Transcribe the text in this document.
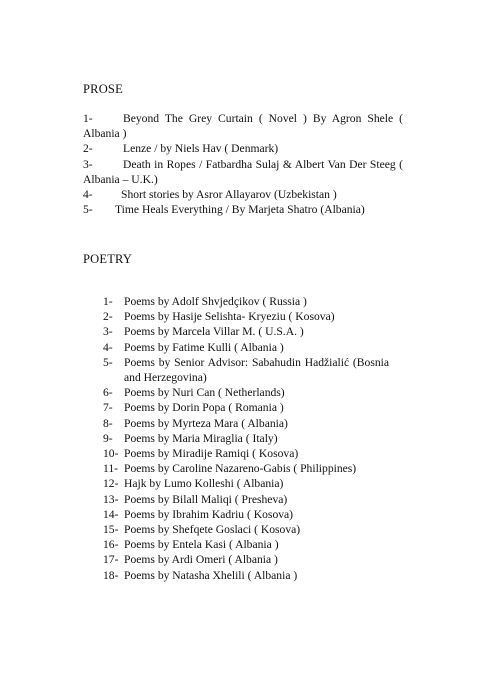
PROSE
1-	Beyond The Grey Curtain ( Novel ) By Agron Shele ( Albania )
2-	Lenze / by Niels Hav ( Denmark)
3-	Death in Ropes / Fatbardha Sulaj & Albert Van Der Steeg ( Albania – U.K.)
4- Short stories by Asror Allayarov (Uzbekistan )
5- Time Heals Everything / By Marjeta Shatro (Albania)
POETRY
1- Poems by Adolf Shvjedçikov ( Russia )
2- Poems by Hasije Selishta- Kryeziu ( Kosova)
3- Poems by Marcela Villar M. ( U.S.A. )
4- Poems by Fatime Kulli ( Albania )
5- Poems by Senior Advisor: Sabahudin Hadžialić (Bosnia and Herzegovina)
6- Poems by Nuri Can ( Netherlands)
7- Poems by Dorin Popa ( Romania )
8- Poems by Myrteza Mara ( Albania)
9- Poems by Maria Miraglia ( Italy)
10- Poems by Miradije Ramiqi ( Kosova)
11- Poems by Caroline Nazareno-Gabis ( Philippines)
12- Hajk by Lumo Kolleshi ( Albania)
13- Poems by Bilall Maliqi ( Presheva)
14- Poems by Ibrahim Kadriu ( Kosova)
15- Poems by Shefqete Goslaci ( Kosova)
16- Poems by Entela Kasi ( Albania )
17- Poems by Ardi Omeri ( Albania )
18- Poems by Natasha Xhelili ( Albania )
